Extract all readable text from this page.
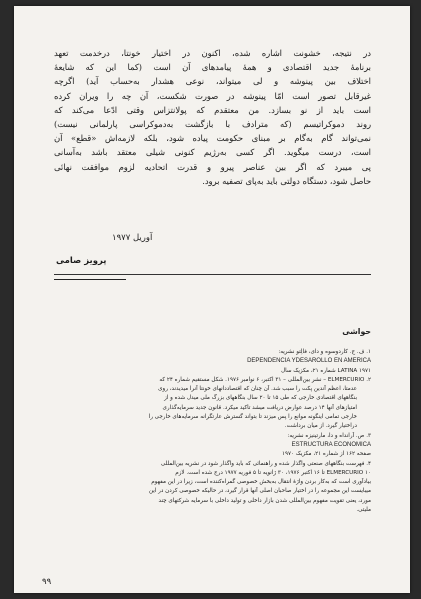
در نتیجه، خشونت اشاره شده، اکنون در اختیار خونتا، درخدمت تعهد
برنامهٔ جدید اقتصادی و همهٔ پیامدهای آن است (کما این که شایعهٔ
اختلاف بین پینوشه و لی میتواند، نوعی هشدار به‌حساب آید) اگرچه
غیرقابل تصور است امّا پینوشه در صورت شکست، آن چه را ویران کرده
است باید از نو بسازد. من معتقدم که پولانتزاس وقتی ادّعا می‌کند که
روند دموکراتیسم (که مترادف با بازگشت به‌دموکراسی پارلمانی نیست)
نمی‌تواند گام به‌گام بر مبنای حکومت پیاده شود، بلکه لازمه‌اش «قطع» آن
است، درست میگوید. اگر کسی به‌رژیم کنونی شیلی معتقد باشد به‌آسانی
پی میبرد که اگر بین عناصر پیرو و قدرت اتحادیه لزوم موافقت نهائی
حاصل شود، دستگاه دولتی باید به‌پای تصفیه برود.
آوریل ۱۹۷۷
پرویز صامی
حواشی
۱. ف. ج. کاردوسوه و دای، فالِتو نشریه:
DEPENDENCIA YDESAROLLO EN AMERICA
LATINA ۱۹۷۱ شماره ۲۱، مکزیک سال
۲. ELMERCURIO – نشر بین‌المللی – ۳۱ اکتبر، ۶ نوامبر ۱۹۷۶. شکل مستقیم شماره ۲۴ که
عدمتا، اعظم آندین پکت را سبب شد. آن چنان که اقتصاددانهای خونتا آنرا میدیدند، روی
بنگاههای اقتصادی خارجی که طی ۱۵ تا ۲۰ سال بنگاههای بزرگ ملی میدل شده و از
امتیازهای آنها ۱۴ درصد عوارض دریافت میشد تأکید میکرد. قانون جدید سرمایه‌گذاری
خارجی تمامی اینگونه موانع را پس میزند تا بتواند گسترش عارتگرانه سرمایه‌های خارجی را
دراختیار گیرد. از میان برداشت.
۳. ص. آرانداه و دا، مارتینیزه نشریه:
ESTRUCTURA ECONOMICA
صفحه ۱۶۲ از شماره ۲۱، مکزیک ۱۹۷۰
۴. فهرست بنگاههای صنعتی واگذار شده و راهنمائی که باید واگذار شود در نشریه بین‌المللی
ELMERCURIO ۱۰ تا ۱۶ اکتبر ۱۹۷۶، ۳۰ ژانویه تا ۵ فوریه ۱۹۷۷ درج شده است. لازم
بیادآوری است که به‌کار بردن واژهٔ انتقال به‌بخش خصوصی گمراه‌کننده است، زیرا در این مفهوم
میبایست این مجموعه را در اختیار صاحبان اصلی آنها قرار گیرد، در حالیکه خصوصی کردن در این
مورد، یعنی تقویت مفهوم بین‌المللی شدن بازار داخلی و تولید داخلی با سرمایه شرکتهای چند
ملیتی.
۹۹
